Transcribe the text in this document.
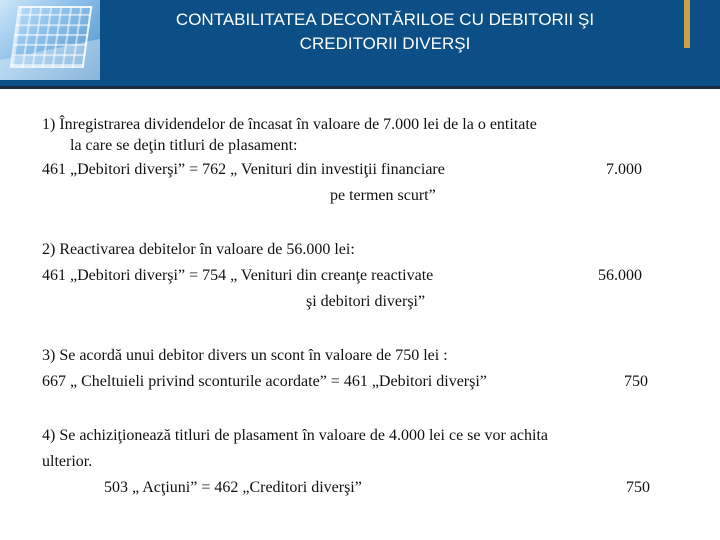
CONTABILITATEA DECONTĂRILOE CU DEBITORII ŞI
CREDITORII DIVERŞI
1) Înregistrarea dividendelor de încasat în valoare de 7.000 lei de la o entitate
la care se deţin titluri de plasament:
461 „Debitori diverşi” = 762 „ Venituri din investiţii financiare	7.000
pe termen scurt”
2) Reactivarea debitelor în valoare de 56.000 lei:
461 „Debitori diverşi” = 754 „ Venituri din creanţe reactivate	56.000
şi debitori diverşi”
3) Se acordă unui debitor divers un scont în valoare de 750 lei :
667 „ Cheltuieli privind sconturile acordate” = 461 „Debitori diverşi”	750
4) Se achiziţionează titluri de plasament în valoare de 4.000 lei ce se vor achita
ulterior.
503 „ Acţiuni” = 462 „Creditori diverşi”	750
